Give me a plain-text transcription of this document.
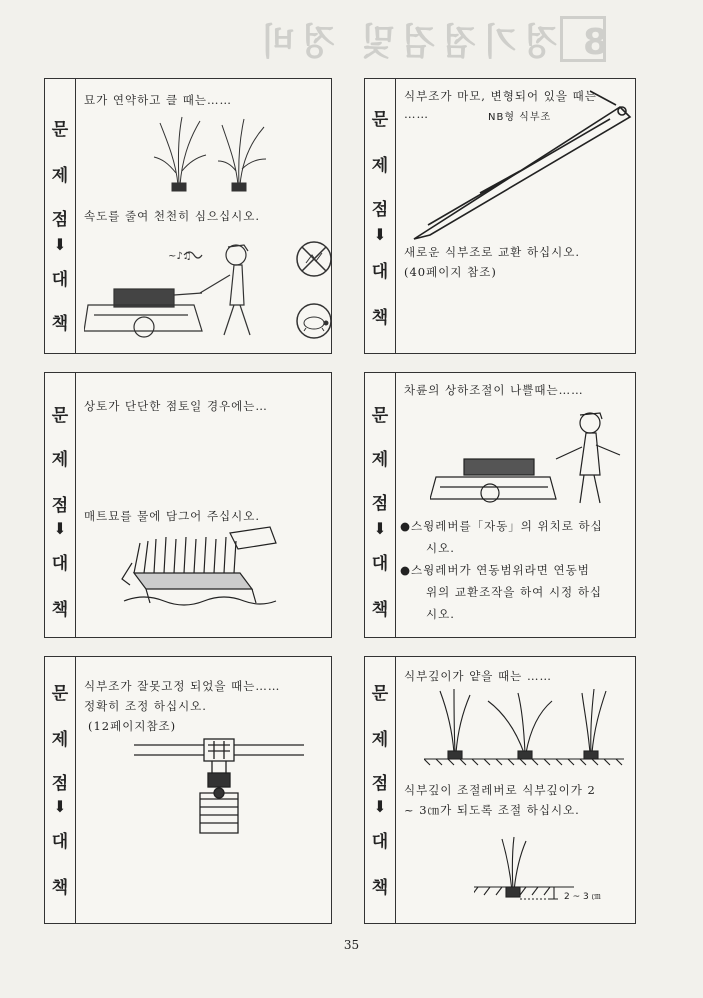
8 정기점검및 정비
문
제
점
⬇
대
책
묘가 연약하고 클 때는……
속도를 줄여 천천히 심으십시오.
~♪♫
문
제
점
⬇
대
책
식부조가 마모, 변형되어 있을 때는
……	NB형 식부조
새로운 식부조로 교환 하십시오.
(40페이지 참조)
문
제
점
⬇
대
책
상토가 단단한 점토일 경우에는…
매트묘를 물에 담그어 주십시오.
문
제
점
⬇
대
책
차륜의 상하조절이 나쁠때는……
●스윙레버를「자동」의 위치로 하십
시오.
●스윙레버가 연동범위라면 연동범
위의 교환조작을 하여 시정 하십
시오.
문
제
점
⬇
대
책
식부조가 잘못고정 되었을 때는……
정확히 조정 하십시오.
(12페이지참조)
문
제
점
⬇
대
책
식부깊이가 얕을 때는 ……
식부깊이 조절레버로 식부깊이가 2
~ 3㎝가 되도록 조절 하십시오.
2 ~ 3 ㎝
35
